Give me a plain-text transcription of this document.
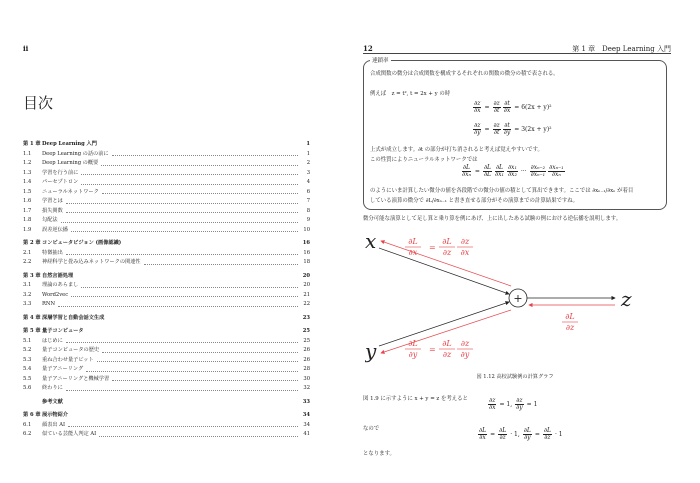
ii
目次
第 1 章 Deep Learning 入門	1
1.1	Deep Learning の話の前に	1
1.2	Deep Learning の概要	2
1.3	学習を行う前に	3
1.4	パーセプトロン	4
1.5	ニューラルネットワーク	6
1.6	学習とは	7
1.7	損失関数	8
1.8	勾配法	9
1.9	誤差逆伝播	10
第 2 章 コンピュータビジョン (画像認識)	16
2.1	特徴抽出	16
2.2	神経科学と畳み込みネットワークの関連性	18
第 3 章 自然言語処理	20
3.1	理論のあらまし	20
3.2	Word2vec	21
3.3	RNN	22
第 4 章 深層学習と自動会話文生成	23
第 5 章 量子コンピュータ	25
5.1	はじめに	25
5.2	量子コンピュータの歴史	26
5.3	重ね合わせ量子ビット	26
5.4	量子アニーリング	28
5.5	量子アニーリングと機械学習	30
5.6	終わりに	32
参考文献	33
第 6 章 展示物紹介	34
6.1	顔表出 AI	34
6.2	似ている芸能人判定 AI	41
12	第 1 章　Deep Learning 入門
連鎖率
合成関数の微分は合成関数を構成するそれぞれの関数の微分の積で表される。
例えば　z = t², t = 2x + y の時
$\frac{\partial z}{\partial x} = \frac{\partial z}{\partial t} \frac{\partial t}{\partial x} = 6(2x + y)^2$
$\frac{\partial z}{\partial y} = \frac{\partial z}{\partial t} \frac{\partial t}{\partial y} = 3(2x + y)^2$
上式が成立します。∂t の部分が打ち消されると考えば覚えやすいです。
この性質によりニューラルネットワークでは
$\frac{\partial L}{\text{∂xₙ}} = \frac{\partial L}{\partial L} \partial L$
∂x₁
∂x₁
∂x₂ ···
∂xₙ₋₂
∂xₙ₋₁
∂xₙ₋₁
∂xₙ
のようにいま計算したい微分の値を各段階での微分の値の積として算出できます。ここでは ∂xₙ₋₁/∂xₙ が着目
している演算の微分で ∂L/∂xₙ₋₁ と書き直せる部分がその演算までの計算結果ですね。
微分可能な演算として足し算と乗り算を例にあげ、上に出したある試験の例における逆伝播を説明します。
x
y
z
+
∂L
∂x
=
∂L
∂z
∂z
∂x
∂L
∂y
=
∂L
∂z
∂z
∂y
∂L
∂z
図 1.12 高校試験例の計算グラフ
図 1.9 に示すように x + y = z を考えると	$\frac{\partial z}{\partial x} = 1$, $\frac{\partial z}{\partial y} = 1$
なので	$\frac{\partial L}{\partial x} = \frac{\partial L}{\partial z} \cdot 1$, $\frac{\partial L}{\partial y} = \frac{\partial L}{\partial z} \cdot 1$
となります。
